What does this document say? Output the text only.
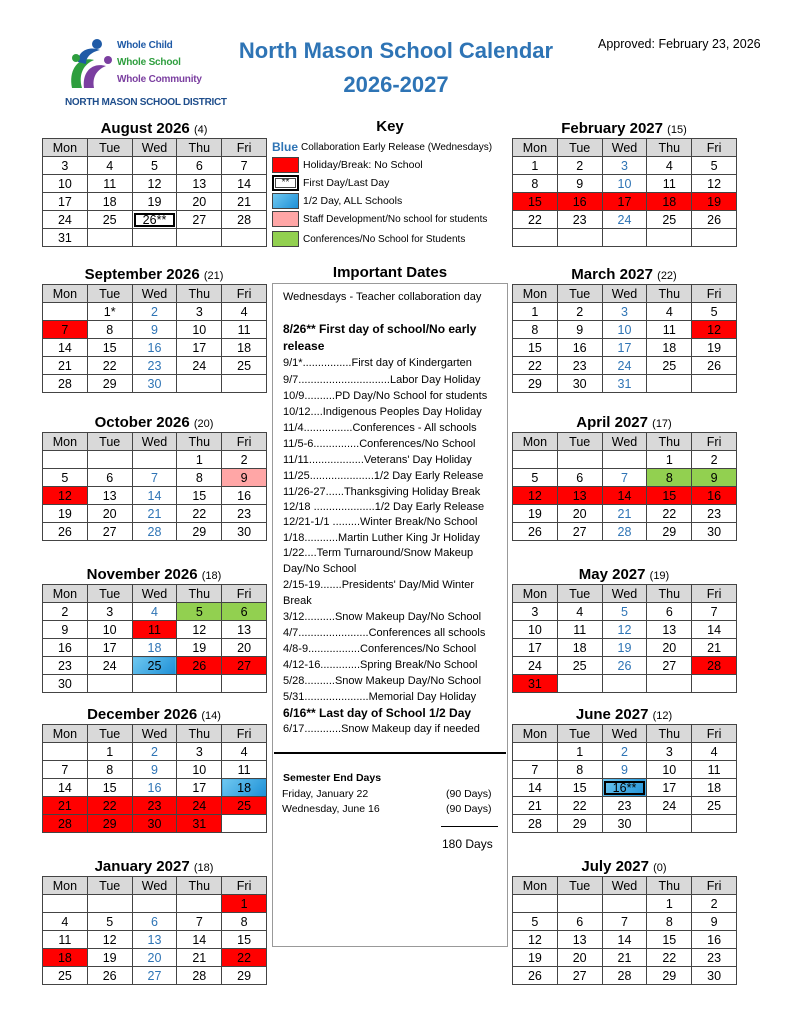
Whole Child
Whole School
Whole Community
NORTH MASON SCHOOL DISTRICT
North Mason School Calendar
2026-2027
Approved: February 23, 2026
August 2026 (4)
Mon	Tue	Wed	Thu	Fri
3	4	5	6	7
10	11	12	13	14
17	18	19	20	21
24	25	26**	27	28
31				
September 2026 (21)
Mon	Tue	Wed	Thu	Fri
	1*	2	3	4
7	8	9	10	11
14	15	16	17	18
21	22	23	24	25
28	29	30		
October 2026 (20)
Mon	Tue	Wed	Thu	Fri
			1	2
5	6	7	8	9
12	13	14	15	16
19	20	21	22	23
26	27	28	29	30
November 2026 (18)
Mon	Tue	Wed	Thu	Fri
2	3	4	5	6
9	10	11	12	13
16	17	18	19	20
23	24	25	26	27
30				
December 2026 (14)
Mon	Tue	Wed	Thu	Fri
	1	2	3	4
7	8	9	10	11
14	15	16	17	18
21	22	23	24	25
28	29	30	31	
January 2027 (18)
Mon	Tue	Wed	Thu	Fri
				1
4	5	6	7	8
11	12	13	14	15
18	19	20	21	22
25	26	27	28	29
February 2027 (15)
Mon	Tue	Wed	Thu	Fri
1	2	3	4	5
8	9	10	11	12
15	16	17	18	19
22	23	24	25	26

March 2027 (22)
Mon	Tue	Wed	Thu	Fri
1	2	3	4	5
8	9	10	11	12
15	16	17	18	19
22	23	24	25	26
29	30	31		
April 2027 (17)
Mon	Tue	Wed	Thu	Fri
			1	2
5	6	7	8	9
12	13	14	15	16
19	20	21	22	23
26	27	28	29	30
May 2027 (19)
Mon	Tue	Wed	Thu	Fri
3	4	5	6	7
10	11	12	13	14
17	18	19	20	21
24	25	26	27	28
31				
June 2027 (12)
Mon	Tue	Wed	Thu	Fri
	1	2	3	4
7	8	9	10	11
14	15	16**	17	18
21	22	23	24	25
28	29	30		
July 2027 (0)
Mon	Tue	Wed	Thu	Fri
			1	2
5	6	7	8	9
12	13	14	15	16
19	20	21	22	23
26	27	28	29	30
Key
Blue Collaboration Early Release (Wednesdays)
Holiday/Break: No School
**	First Day/Last Day
1/2 Day, ALL Schools
Staff Development/No school for students
Conferences/No School for Students
Important Dates
Wednesdays - Teacher collaboration day
8/26** First day of school/No early
release
9/1*................First day of Kindergarten
9/7..............................Labor Day Holiday
10/9..........PD Day/No School for students
10/12....Indigenous Peoples Day Holiday
11/4................Conferences - All schools
11/5-6...............Conferences/No School
11/11..................Veterans' Day Holiday
11/25.....................1/2 Day Early Release
11/26-27......Thanksgiving Holiday Break
12/18 ....................1/2 Day Early Release
12/21-1/1 .........Winter Break/No School
1/18...........Martin Luther King Jr Holiday
1/22....Term Turnaround/Snow Makeup
Day/No School
2/15-19.......Presidents' Day/Mid Winter
Break
3/12..........Snow Makeup Day/No School
4/7.......................Conferences all schools
4/8-9.................Conferences/No School
4/12-16.............Spring Break/No School
5/28..........Snow Makeup Day/No School
5/31.....................Memorial Day Holiday
6/16** Last day of School 1/2 Day
6/17............Snow Makeup day if needed
Semester End Days
Friday, January 22	(90 Days)
Wednesday, June 16	(90 Days)
180 Days
